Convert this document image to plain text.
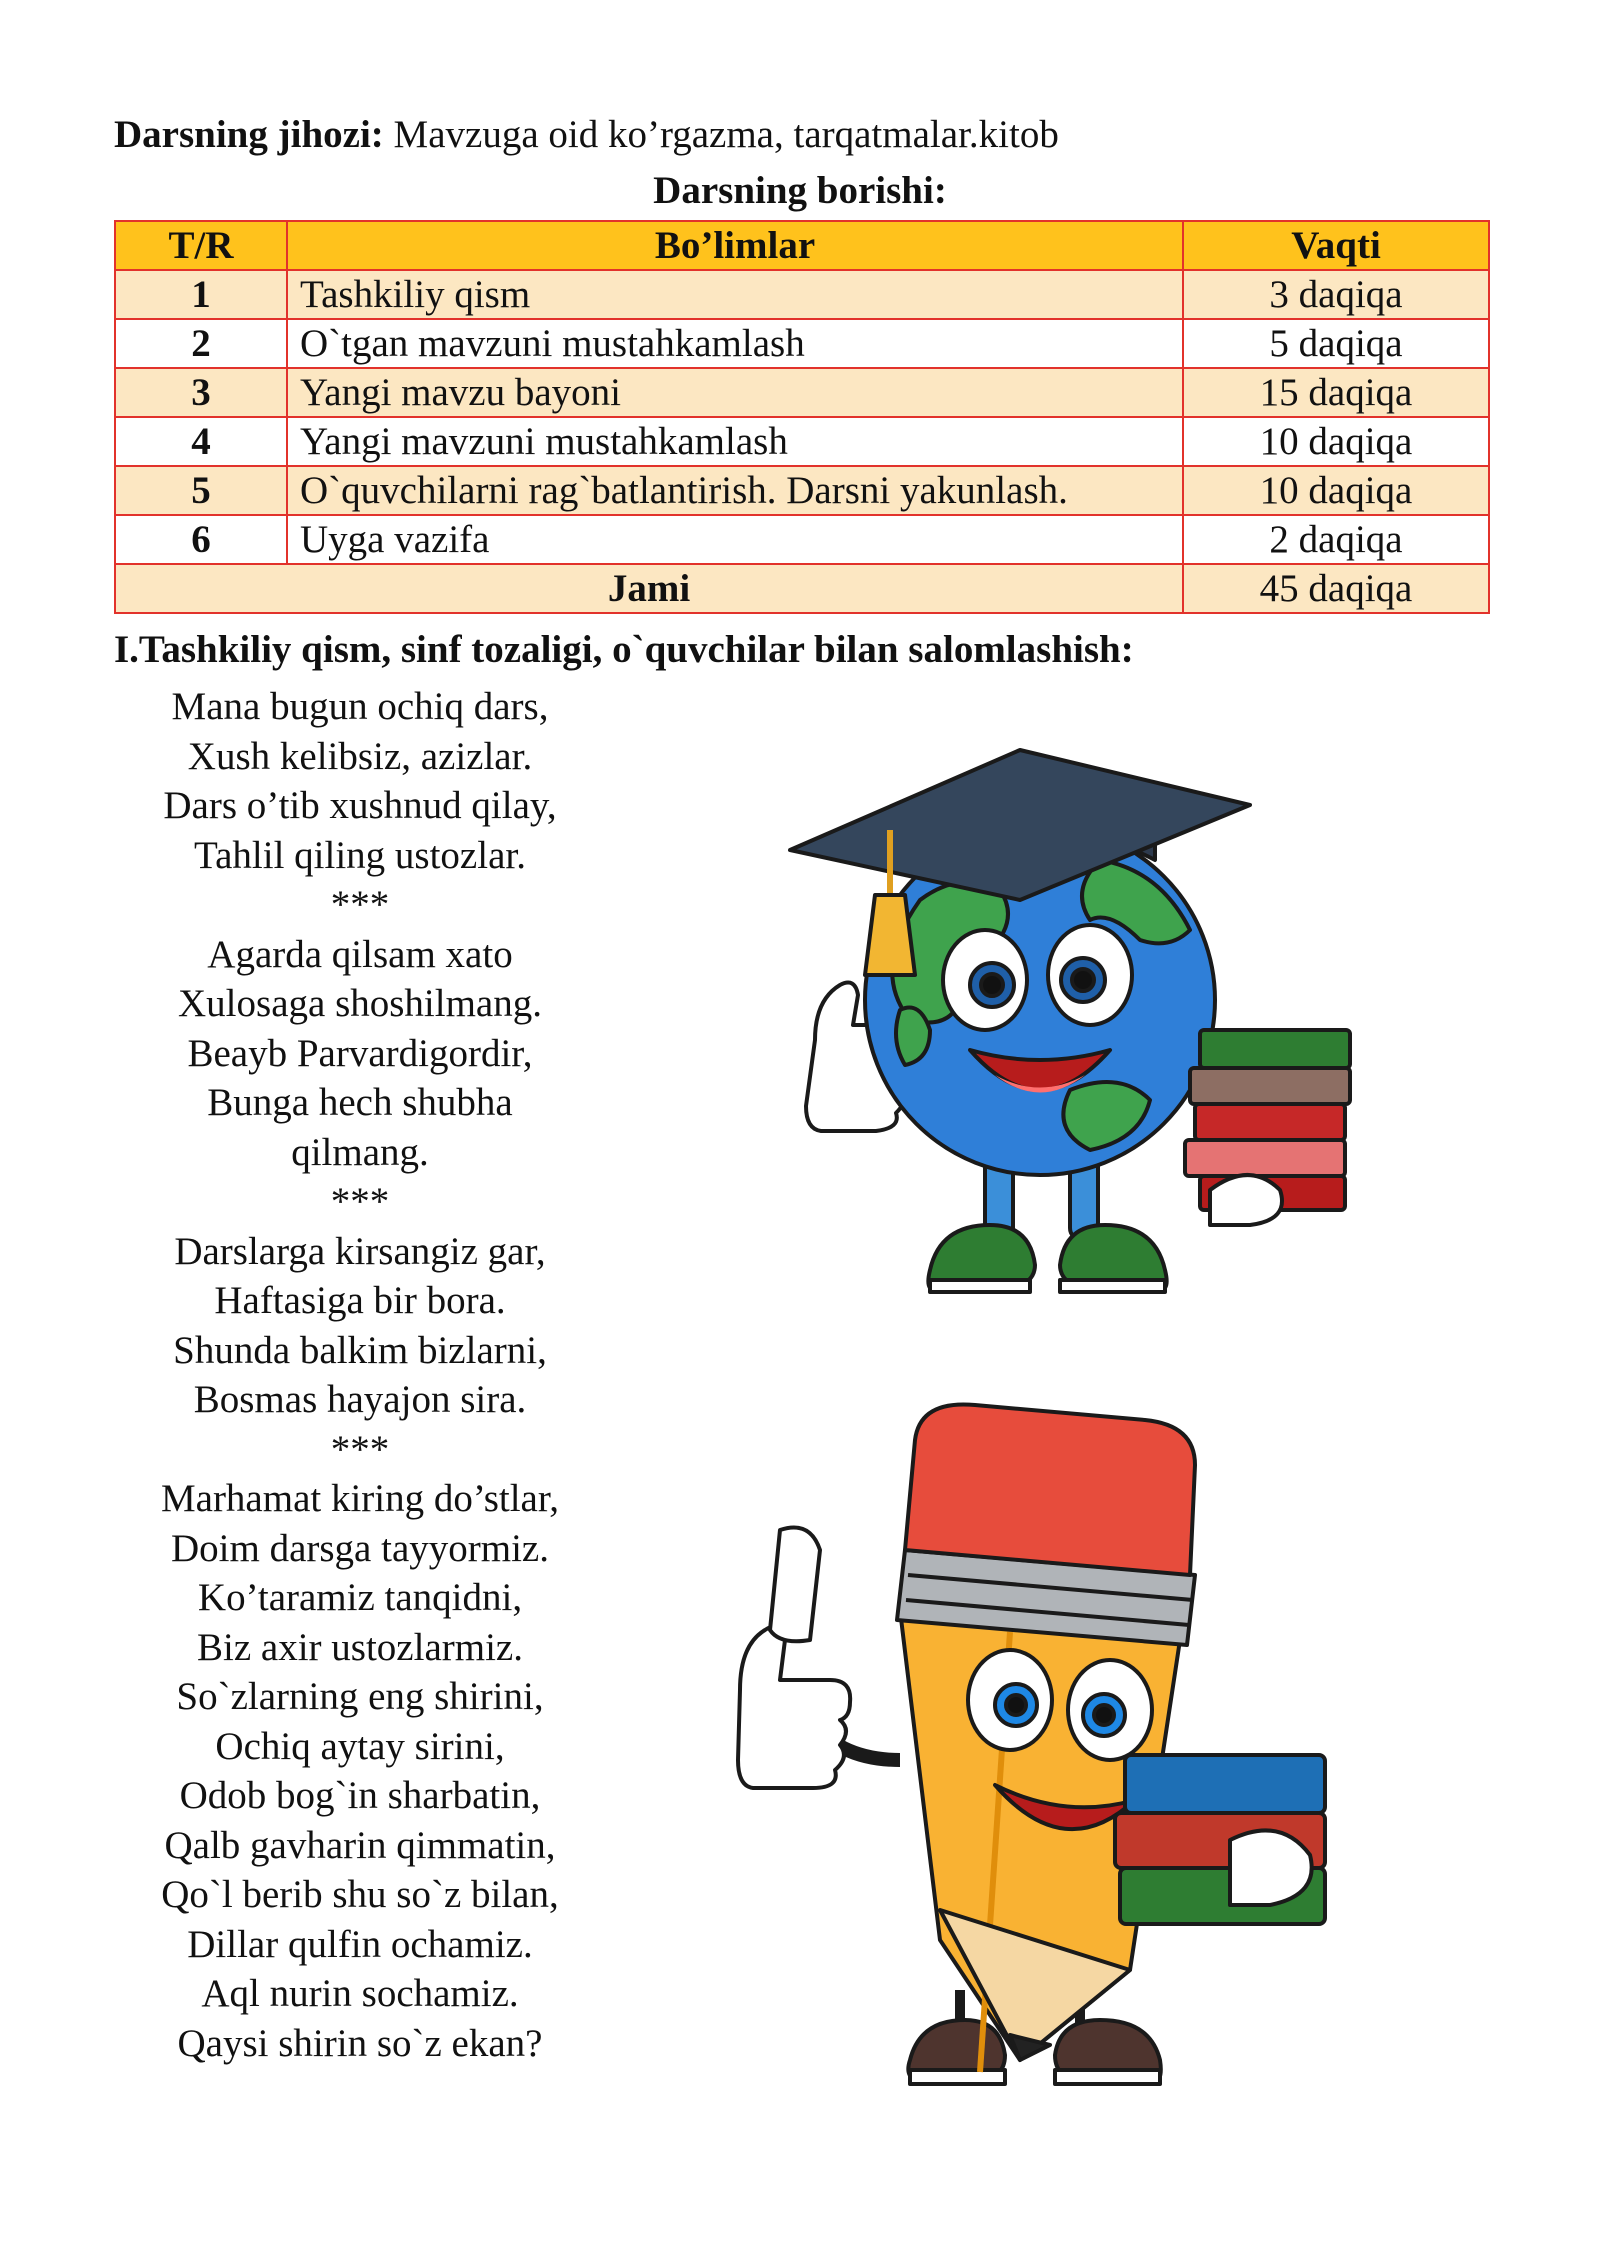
Darsning jihozi: Mavzuga oid ko’rgazma, tarqatmalar.kitob
Darsning borishi:
T/R	Bo’limlar	Vaqti
1	Tashkiliy qism	3 daqiqa
2	O`tgan mavzuni mustahkamlash	5 daqiqa
3	Yangi mavzu bayoni	15 daqiqa
4	Yangi mavzuni mustahkamlash	10 daqiqa
5	O`quvchilarni rag`batlantirish. Darsni yakunlash.	10 daqiqa
6	Uyga vazifa	2 daqiqa
Jami		45 daqiqa
I.Tashkiliy qism, sinf tozaligi, o`quvchilar bilan salomlashish:
Mana bugun ochiq dars,
Xush kelibsiz, azizlar.
Dars o’tib xushnud qilay,
Tahlil qiling ustozlar.
***
Agarda qilsam xato
Xulosaga shoshilmang.
Beayb Parvardigordir,
Bunga hech shubha
qilmang.
***
Darslarga kirsangiz gar,
Haftasiga bir bora.
Shunda balkim bizlarni,
Bosmas hayajon sira.
***
Marhamat kiring do’stlar,
Doim darsga tayyormiz.
Ko’taramiz tanqidni,
Biz axir ustozlarmiz.
So`zlarning eng shirini,
Ochiq aytay sirini,
Odob bog`in sharbatin,
Qalb gavharin qimmatin,
Qo`l berib shu so`z bilan,
Dillar qulfin ochamiz.
Aql nurin sochamiz.
Qaysi shirin so`z ekan?
